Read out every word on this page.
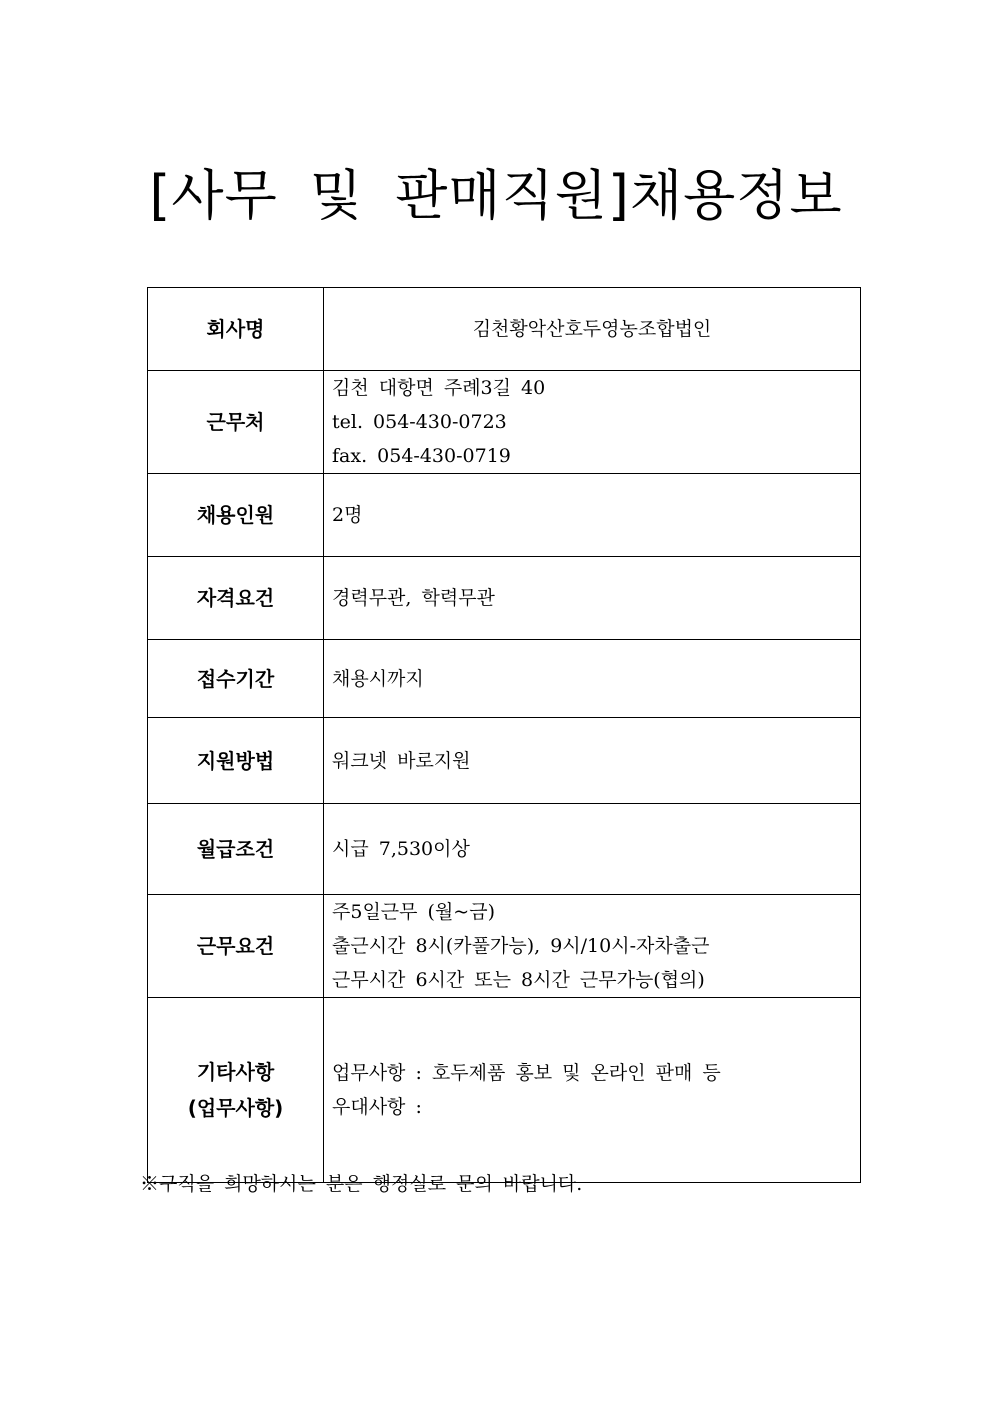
[사무 및 판매직원]채용정보
회사명	김천황악산호두영농조합법인

근무처	김천 대항면 주례3길 40
tel. 054-430-0723
fax. 054-430-0719

채용인원	2명

자격요건	경력무관, 학력무관

접수기간	채용시까지

지원방법	워크넷 바로지원

월급조건	시급 7,530이상

근무요건	주5일근무 (월~금)
출근시간 8시(카풀가능), 9시/10시-자차출근
근무시간 6시간 또는 8시간 근무가능(협의)

기타사항
(업무사항)	업무사항 : 호두제품 홍보 및 온라인 판매 등
우대사항 :
※구직을 희망하시는 분은 행정실로 문의 바랍니다.
